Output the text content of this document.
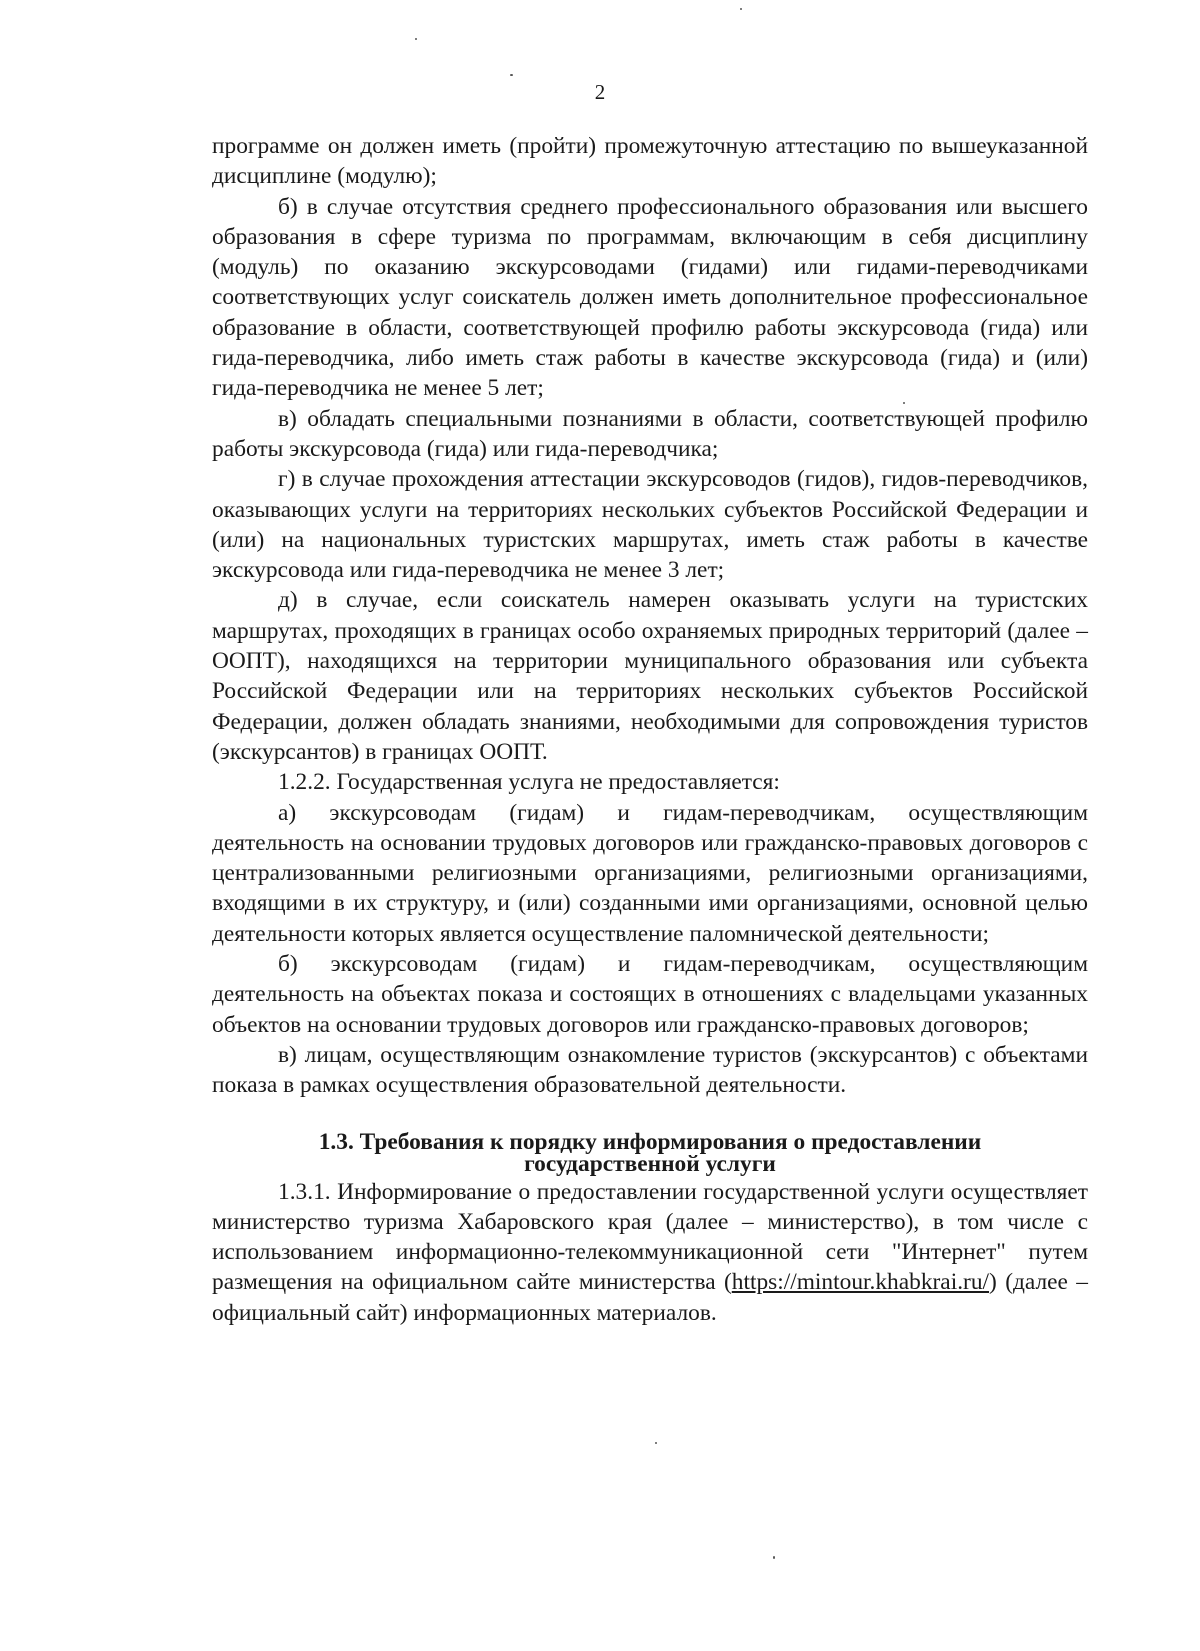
2

программе он должен иметь (пройти) промежуточную аттестацию по вышеуказанной дисциплине (модулю);

б) в случае отсутствия среднего профессионального образования или высшего образования в сфере туризма по программам, включающим в себя дисциплину (модуль) по оказанию экскурсоводами (гидами) или гидами-переводчиками соответствующих услуг соискатель должен иметь дополнительное профессиональное образование в области, соответствующей профилю работы экскурсовода (гида) или гида-переводчика, либо иметь стаж работы в качестве экскурсовода (гида) и (или) гида-переводчика не менее 5 лет;

в) обладать специальными познаниями в области, соответствующей профилю работы экскурсовода (гида) или гида-переводчика;

г) в случае прохождения аттестации экскурсоводов (гидов), гидов-переводчиков, оказывающих услуги на территориях нескольких субъектов Российской Федерации и (или) на национальных туристских маршрутах, иметь стаж работы в качестве экскурсовода или гида-переводчика не менее 3 лет;

д) в случае, если соискатель намерен оказывать услуги на туристских маршрутах, проходящих в границах особо охраняемых природных территорий (далее – ООПТ), находящихся на территории муниципального образования или субъекта Российской Федерации или на территориях нескольких субъектов Российской Федерации, должен обладать знаниями, необходимыми для сопровождения туристов (экскурсантов) в границах ООПТ.

1.2.2. Государственная услуга не предоставляется:

а) экскурсоводам (гидам) и гидам-переводчикам, осуществляющим деятельность на основании трудовых договоров или гражданско-правовых договоров с централизованными религиозными организациями, религиозными организациями, входящими в их структуру, и (или) созданными ими организациями, основной целью деятельности которых является осуществление паломнической деятельности;

б) экскурсоводам (гидам) и гидам-переводчикам, осуществляющим деятельность на объектах показа и состоящих в отношениях с владельцами указанных объектов на основании трудовых договоров или гражданско-правовых договоров;

в) лицам, осуществляющим ознакомление туристов (экскурсантов) с объектами показа в рамках осуществления образовательной деятельности.

1.3. Требования к порядку информирования о предоставлении
государственной услуги

1.3.1. Информирование о предоставлении государственной услуги осуществляет министерство туризма Хабаровского края (далее – министерство), в том числе с использованием информационно-телекоммуникационной сети "Интернет" путем размещения на официальном сайте министерства (https://mintour.khabkrai.ru/) (далее – официальный сайт) информационных материалов.
